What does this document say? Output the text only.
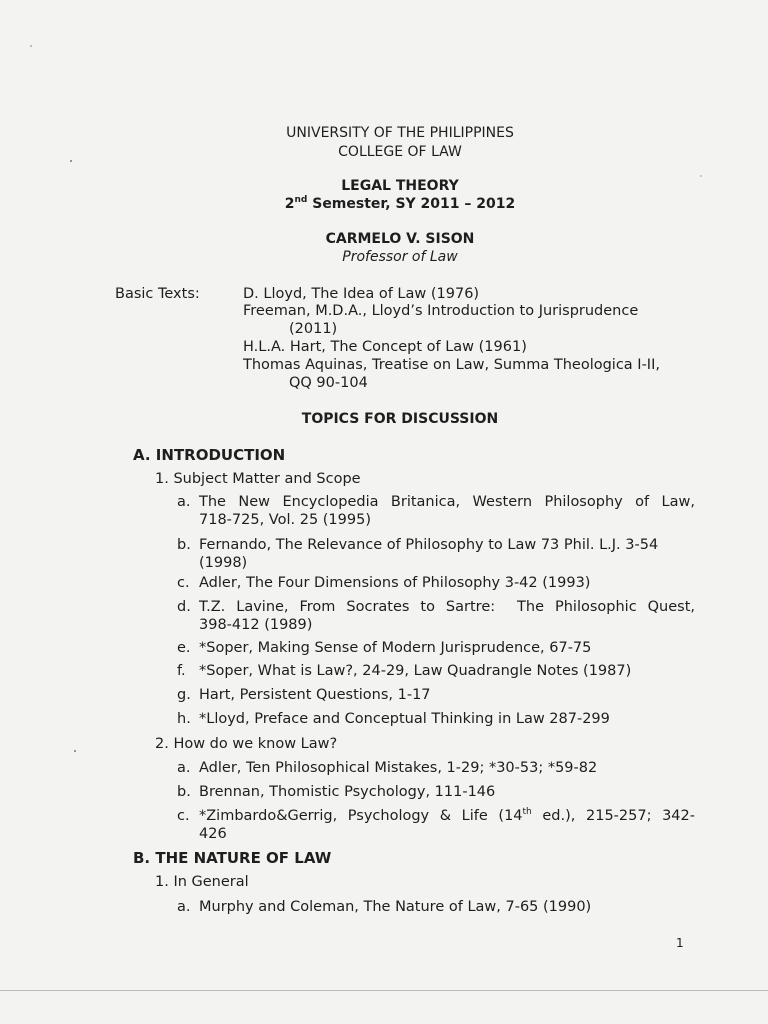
UNIVERSITY OF THE PHILIPPINES
COLLEGE OF LAW
LEGAL THEORY
2nd Semester, SY 2011 – 2012
CARMELO V. SISON
Professor of Law
Basic Texts:	D. Lloyd, The Idea of Law (1976)
Freeman, M.D.A., Lloyd’s Introduction to Jurisprudence
(2011)
H.L.A. Hart, The Concept of Law (1961)
Thomas Aquinas, Treatise on Law, Summa Theologica I-II,
QQ 90-104
TOPICS FOR DISCUSSION
A. INTRODUCTION
1. Subject Matter and Scope
a. The New Encyclopedia Britanica, Western Philosophy of Law,
718-725, Vol. 25 (1995)
b. Fernando, The Relevance of Philosophy to Law 73 Phil. L.J. 3-54
(1998)
c. Adler, The Four Dimensions of Philosophy 3-42 (1993)
d. T.Z. Lavine, From Socrates to Sartre:  The Philosophic Quest,
398-412 (1989)
e. *Soper, Making Sense of Modern Jurisprudence, 67-75
f. *Soper, What is Law?, 24-29, Law Quadrangle Notes (1987)
g. Hart, Persistent Questions, 1-17
h. *Lloyd, Preface and Conceptual Thinking in Law 287-299
2. How do we know Law?
a. Adler, Ten Philosophical Mistakes, 1-29; *30-53; *59-82
b. Brennan, Thomistic Psychology, 111-146
c. *Zimbardo&Gerrig, Psychology & Life (14th ed.), 215-257; 342-
426
B. THE NATURE OF LAW
1. In General
a. Murphy and Coleman, The Nature of Law, 7-65 (1990)
1
